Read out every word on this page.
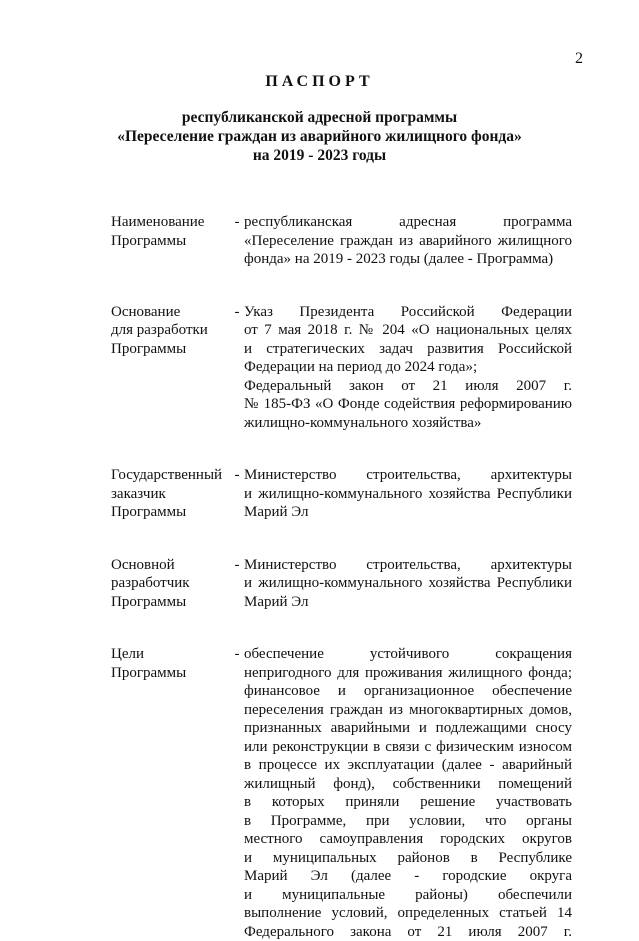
2
ПАСПОРТ
республиканской адресной программы
«Переселение граждан из аварийного жилищного фонда»
на 2019 - 2023 годы
Наименование
Программы
- республиканская адресная программа
«Переселение граждан из аварийного жилищного
фонда» на 2019 - 2023 годы (далее - Программа)
Основание
для разработки
Программы
- Указ Президента Российской Федерации
от 7 мая 2018 г. № 204 «О национальных целях
и стратегических задач развития Российской
Федерации на период до 2024 года»;
Федеральный закон от 21 июля 2007 г.
№ 185-ФЗ «О Фонде содействия реформированию
жилищно-коммунального хозяйства»
Государственный
заказчик
Программы
- Министерство строительства, архитектуры
и жилищно-коммунального хозяйства Республики
Марий Эл
Основной
разработчик
Программы
- Министерство строительства, архитектуры
и жилищно-коммунального хозяйства Республики
Марий Эл
Цели
Программы
- обеспечение устойчивого сокращения
непригодного для проживания жилищного фонда;
финансовое и организационное обеспечение
переселения граждан из многоквартирных домов,
признанных аварийными и подлежащими сносу
или реконструкции в связи с физическим износом
в процессе их эксплуатации (далее - аварийный
жилищный фонд), собственники помещений
в которых приняли решение участвовать
в Программе, при условии, что органы
местного самоуправления городских округов
и муниципальных районов в Республике
Марий Эл (далее - городские округа
и муниципальные районы) обеспечили
выполнение условий, определенных статьей 14
Федерального закона от 21 июля 2007 г.
